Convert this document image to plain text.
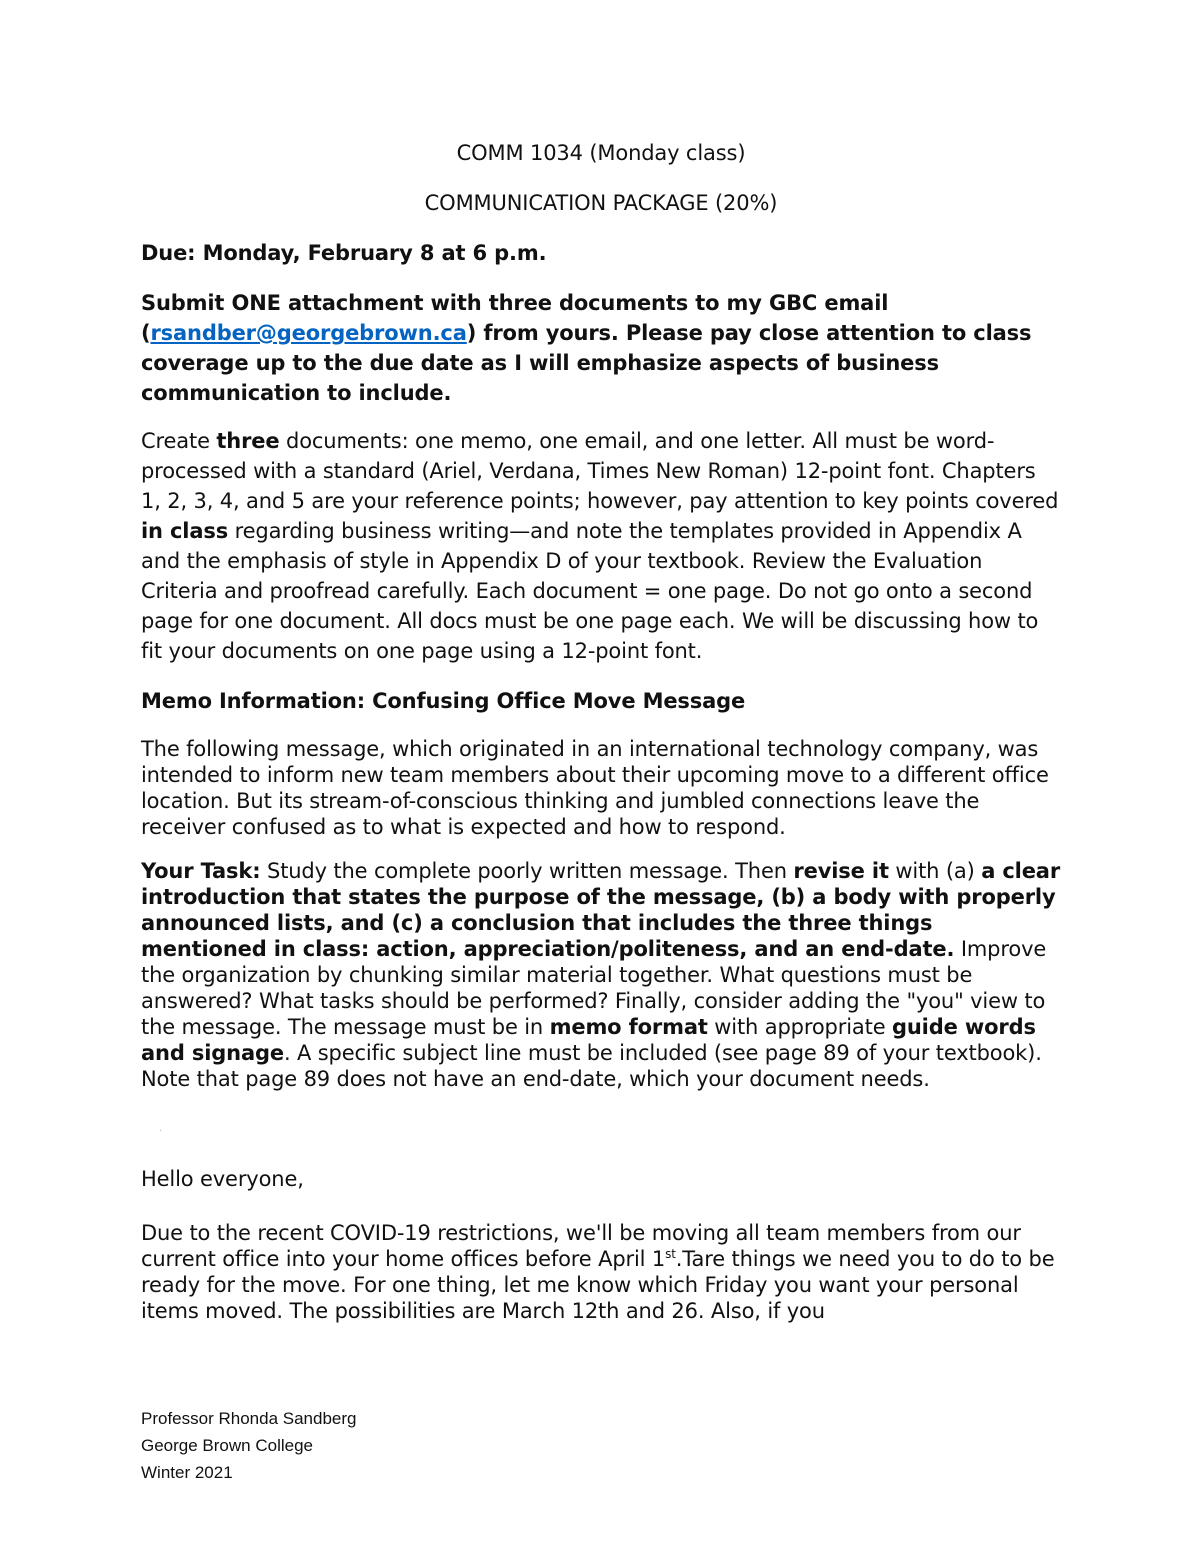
COMM 1034 (Monday class)

COMMUNICATION PACKAGE (20%)

Due: Monday, February 8 at 6 p.m.

Submit ONE attachment with three documents to my GBC email (rsandber@georgebrown.ca) from yours. Please pay close attention to class coverage up to the due date as I will emphasize aspects of business communication to include.

Create three documents: one memo, one email, and one letter. All must be word-processed with a standard (Ariel, Verdana, Times New Roman) 12-point font. Chapters 1, 2, 3, 4, and 5 are your reference points; however, pay attention to key points covered in class regarding business writing—and note the templates provided in Appendix A and the emphasis of style in Appendix D of your textbook. Review the Evaluation Criteria and proofread carefully. Each document = one page. Do not go onto a second page for one document. All docs must be one page each. We will be discussing how to fit your documents on one page using a 12-point font.

Memo Information: Confusing Office Move Message

The following message, which originated in an international technology company, was intended to inform new team members about their upcoming move to a different office location. But its stream-of-conscious thinking and jumbled connections leave the receiver confused as to what is expected and how to respond.

Your Task: Study the complete poorly written message. Then revise it with (a) a clear introduction that states the purpose of the message, (b) a body with properly announced lists, and (c) a conclusion that includes the three things mentioned in class: action, appreciation/politeness, and an end-date. Improve the organization by chunking similar material together. What questions must be answered? What tasks should be performed? Finally, consider adding the "you" view to the message. The message must be in memo format with appropriate guide words and signage. A specific subject line must be included (see page 89 of your textbook). Note that page 89 does not have an end-date, which your document needs.

.

Hello everyone,

Due to the recent COVID-19 restrictions, we'll be moving all team members from our current office into your home offices before April 1st.Tare things we need you to do to be ready for the move. For one thing, let me know which Friday you want your personal items moved. The possibilities are March 12th and 26. Also, if you

Professor Rhonda Sandberg
George Brown College
Winter 2021
